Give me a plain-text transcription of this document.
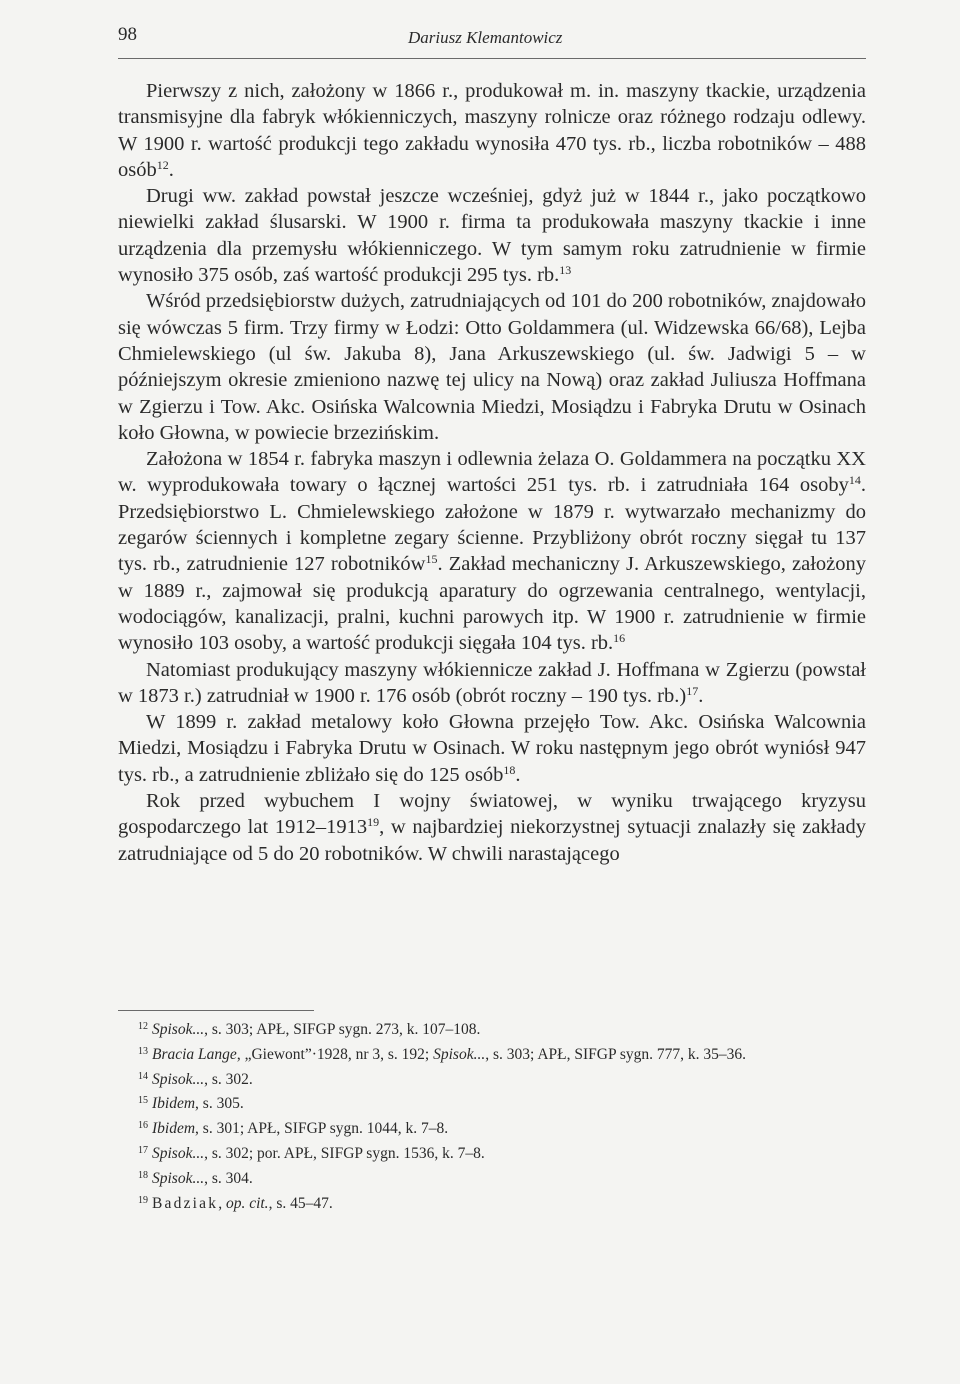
98	Dariusz Klemantowicz

Pierwszy z nich, założony w 1866 r., produkował m. in. maszyny tkackie, urządzenia transmisyjne dla fabryk włókienniczych, maszyny rolnicze oraz różnego rodzaju odlewy. W 1900 r. wartość produkcji tego zakładu wynosiła 470 tys. rb., liczba robotników – 488 osób$^{12}$.

Drugi ww. zakład powstał jeszcze wcześniej, gdyż już w 1844 r., jako początkowo niewielki zakład ślusarski. W 1900 r. firma ta produkowała maszyny tkackie i inne urządzenia dla przemysłu włókienniczego. W tym samym roku zatrudnienie w firmie wynosiło 375 osób, zaś wartość produkcji 295 tys. rb.$^{13}$

Wśród przedsiębiorstw dużych, zatrudniających od 101 do 200 robotników, znajdowało się wówczas 5 firm. Trzy firmy w Łodzi: Otto Goldammera (ul. Widzewska 66/68), Lejba Chmielewskiego (ul św. Jakuba 8), Jana Arkuszewskiego (ul. św. Jadwigi 5 – w późniejszym okresie zmieniono nazwę tej ulicy na Nową) oraz zakład Juliusza Hoffmana w Zgierzu i Tow. Akc. Osińska Walcownia Miedzi, Mosiądzu i Fabryka Drutu w Osinach koło Głowna, w powiecie brzezińskim.

Założona w 1854 r. fabryka maszyn i odlewnia żelaza O. Goldammera na początku XX w. wyprodukowała towary o łącznej wartości 251 tys. rb. i zatrudniała 164 osoby$^{14}$. Przedsiębiorstwo L. Chmielewskiego założone w 1879 r. wytwarzało mechanizmy do zegarów ściennych i kompletne zegary ścienne. Przybliżony obrót roczny sięgał tu 137 tys. rb., zatrudnienie 127 robotników$^{15}$. Zakład mechaniczny J. Arkuszewskiego, założony w 1889 r., zajmował się produkcją aparatury do ogrzewania centralnego, wentylacji, wodociągów, kanalizacji, pralni, kuchni parowych itp. W 1900 r. zatrudnienie w firmie wynosiło 103 osoby, a wartość produkcji sięgała 104 tys. rb.$^{16}$

Natomiast produkujący maszyny włókiennicze zakład J. Hoffmana w Zgierzu (powstał w 1873 r.) zatrudniał w 1900 r. 176 osób (obrót roczny – 190 tys. rb.)$^{17}$.

W 1899 r. zakład metalowy koło Głowna przejęło Tow. Akc. Osińska Walcownia Miedzi, Mosiądzu i Fabryka Drutu w Osinach. W roku następnym jego obrót wyniósł 947 tys. rb., a zatrudnienie zbliżało się do 125 osób$^{18}$.

Rok przed wybuchem I wojny światowej, w wyniku trwającego kryzysu gospodarczego lat 1912–1913$^{19}$, w najbardziej niekorzystnej sytuacji znalazły się zakłady zatrudniające od 5 do 20 robotników. W chwili narastającego

$^{12}$ Spisok..., s. 303; APŁ, SIFGP sygn. 273, k. 107–108.
$^{13}$ Bracia Lange, „Giewont”·1928, nr 3, s. 192; Spisok..., s. 303; APŁ, SIFGP sygn. 777, k. 35–36.
$^{14}$ Spisok..., s. 302.
$^{15}$ Ibidem, s. 305.
$^{16}$ Ibidem, s. 301; APŁ, SIFGP sygn. 1044, k. 7–8.
$^{17}$ Spisok..., s. 302; por. APŁ, SIFGP sygn. 1536, k. 7–8.
$^{18}$ Spisok..., s. 304.
$^{19}$ Badziak, op. cit., s. 45–47.
